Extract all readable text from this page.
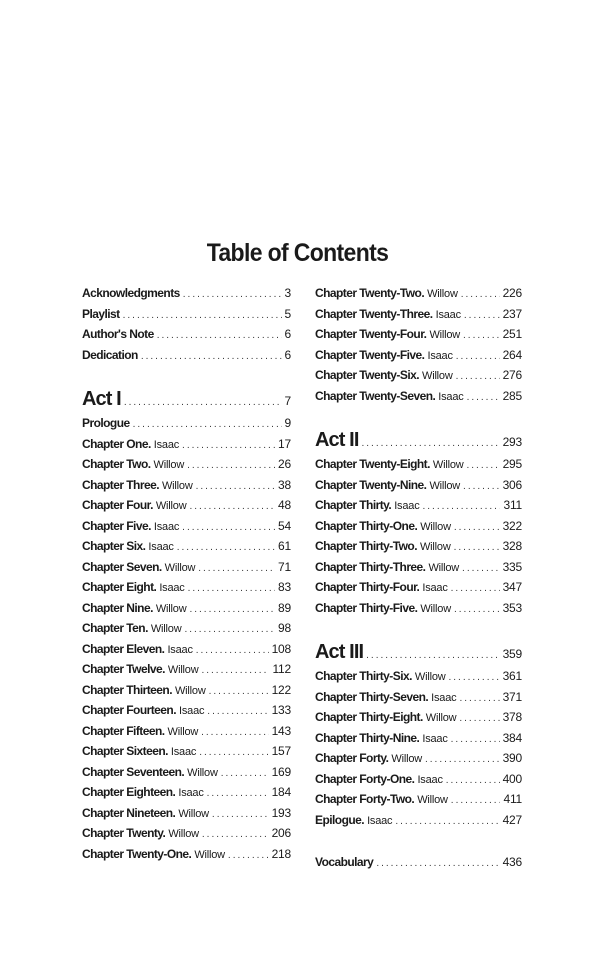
Table of Contents
Acknowledgments .....	3
Playlist .....	5
Author's Note .....	6
Dedication .....	6
Act I .....	7
Prologue .....	9
Chapter One. Isaac .....	17
Chapter Two. Willow .....	26
Chapter Three. Willow .....	38
Chapter Four. Willow .....	48
Chapter Five. Isaac .....	54
Chapter Six. Isaac .....	61
Chapter Seven. Willow .....	71
Chapter Eight. Isaac .....	83
Chapter Nine. Willow .....	89
Chapter Ten. Willow .....	98
Chapter Eleven. Isaac .....	108
Chapter Twelve. Willow .....	112
Chapter Thirteen. Willow .....	122
Chapter Fourteen. Isaac .....	133
Chapter Fifteen. Willow .....	143
Chapter Sixteen. Isaac .....	157
Chapter Seventeen. Willow .....	169
Chapter Eighteen. Isaac .....	184
Chapter Nineteen. Willow .....	193
Chapter Twenty. Willow .....	206
Chapter Twenty-One. Willow .....	218
Chapter Twenty-Two. Willow .....	226
Chapter Twenty-Three. Isaac .....	237
Chapter Twenty-Four. Willow .....	251
Chapter Twenty-Five. Isaac .....	264
Chapter Twenty-Six. Willow .....	276
Chapter Twenty-Seven. Isaac .....	285
Act II .....	293
Chapter Twenty-Eight. Willow .....	295
Chapter Twenty-Nine. Willow .....	306
Chapter Thirty. Isaac .....	311
Chapter Thirty-One. Willow .....	322
Chapter Thirty-Two. Willow .....	328
Chapter Thirty-Three. Willow .....	335
Chapter Thirty-Four. Isaac .....	347
Chapter Thirty-Five. Willow .....	353
Act III .....	359
Chapter Thirty-Six. Willow .....	361
Chapter Thirty-Seven. Isaac .....	371
Chapter Thirty-Eight. Willow .....	378
Chapter Thirty-Nine. Isaac .....	384
Chapter Forty. Willow .....	390
Chapter Forty-One. Isaac .....	400
Chapter Forty-Two. Willow .....	411
Epilogue. Isaac .....	427
Vocabulary .....	436
